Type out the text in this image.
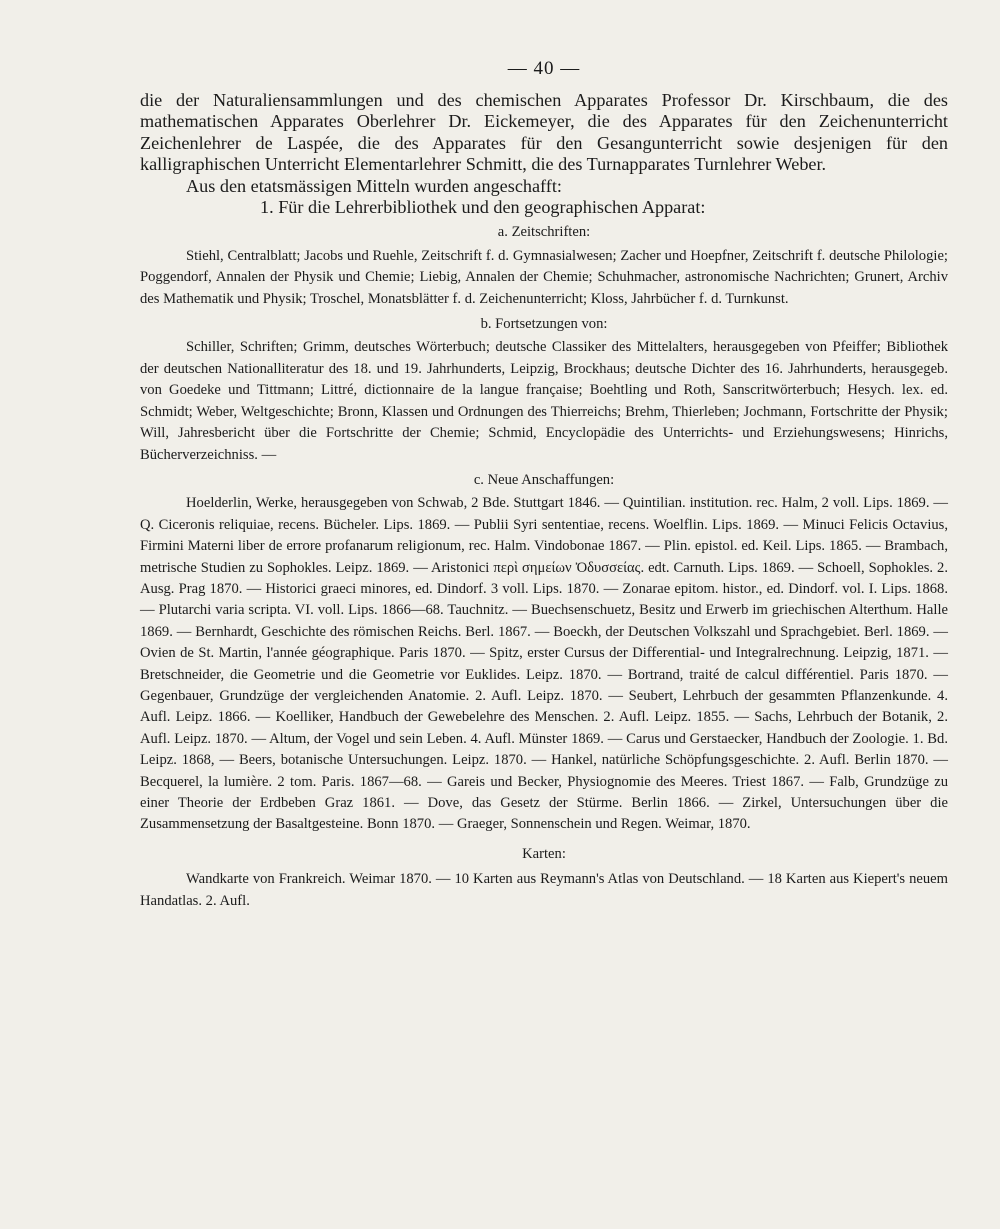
— 40 —

die der Naturaliensammlungen und des chemischen Apparates Professor Dr. Kirschbaum, die des mathematischen Apparates Oberlehrer Dr. Eickemeyer, die des Apparates für den Zeichenunterricht Zeichenlehrer de Laspée, die des Apparates für den Gesangunterricht sowie desjenigen für den kalligraphischen Unterricht Elementarlehrer Schmitt, die des Turnapparates Turnlehrer Weber.

Aus den etatsmässigen Mitteln wurden angeschafft:

1. Für die Lehrerbibliothek und den geographischen Apparat:

a. Zeitschriften:

Stiehl, Centralblatt; Jacobs und Ruehle, Zeitschrift f. d. Gymnasialwesen; Zacher und Hoepfner, Zeitschrift f. deutsche Philologie; Poggendorf, Annalen der Physik und Chemie; Liebig, Annalen der Chemie; Schuhmacher, astronomische Nachrichten; Grunert, Archiv des Mathematik und Physik; Troschel, Monatsblätter f. d. Zeichenunterricht; Kloss, Jahrbücher f. d. Turnkunst.

b. Fortsetzungen von:

Schiller, Schriften; Grimm, deutsches Wörterbuch; deutsche Classiker des Mittelalters, herausgegeben von Pfeiffer; Bibliothek der deutschen Nationalliteratur des 18. und 19. Jahrhunderts, Leipzig, Brockhaus; deutsche Dichter des 16. Jahrhunderts, herausgegeb. von Goedeke und Tittmann; Littré, dictionnaire de la langue française; Boehtling und Roth, Sanscritwörterbuch; Hesych. lex. ed. Schmidt; Weber, Weltgeschichte; Bronn, Klassen und Ordnungen des Thierreichs; Brehm, Thierleben; Jochmann, Fortschritte der Physik; Will, Jahresbericht über die Fortschritte der Chemie; Schmid, Encyclopädie des Unterrichts- und Erziehungswesens; Hinrichs, Bücherverzeichniss. —

c. Neue Anschaffungen:

Hoelderlin, Werke, herausgegeben von Schwab, 2 Bde. Stuttgart 1846. — Quintilian. institution. rec. Halm, 2 voll. Lips. 1869. — Q. Ciceronis reliquiae, recens. Bücheler. Lips. 1869. — Publii Syri sententiae, recens. Woelflin. Lips. 1869. — Minuci Felicis Octavius, Firmini Materni liber de errore profanarum religionum, rec. Halm. Vindobonae 1867. — Plin. epistol. ed. Keil. Lips. 1865. — Brambach, metrische Studien zu Sophokles. Leipz. 1869. — Aristonici περὶ σημείων Ὀδυσσείας. edt. Carnuth. Lips. 1869. — Schoell, Sophokles. 2. Ausg. Prag 1870. — Historici graeci minores, ed. Dindorf. 3 voll. Lips. 1870. — Zonarae epitom. histor., ed. Dindorf. vol. I. Lips. 1868. — Plutarchi varia scripta. VI. voll. Lips. 1866—68. Tauchnitz. — Buechsenschuetz, Besitz und Erwerb im griechischen Alterthum. Halle 1869. — Bernhardt, Geschichte des römischen Reichs. Berl. 1867. — Boeckh, der Deutschen Volkszahl und Sprachgebiet. Berl. 1869. — Ovien de St. Martin, l'année géographique. Paris 1870. — Spitz, erster Cursus der Differential- und Integralrechnung. Leipzig, 1871. — Bretschneider, die Geometrie und die Geometrie vor Euklides. Leipz. 1870. — Bortrand, traité de calcul différentiel. Paris 1870. — Gegenbauer, Grundzüge der vergleichenden Anatomie. 2. Aufl. Leipz. 1870. — Seubert, Lehrbuch der gesammten Pflanzenkunde. 4. Aufl. Leipz. 1866. — Koelliker, Handbuch der Gewebelehre des Menschen. 2. Aufl. Leipz. 1855. — Sachs, Lehrbuch der Botanik, 2. Aufl. Leipz. 1870. — Altum, der Vogel und sein Leben. 4. Aufl. Münster 1869. — Carus und Gerstaecker, Handbuch der Zoologie. 1. Bd. Leipz. 1868, — Beers, botanische Untersuchungen. Leipz. 1870. — Hankel, natürliche Schöpfungsgeschichte. 2. Aufl. Berlin 1870. — Becquerel, la lumière. 2 tom. Paris. 1867—68. — Gareis und Becker, Physiognomie des Meeres. Triest 1867. — Falb, Grundzüge zu einer Theorie der Erdbeben Graz 1861. — Dove, das Gesetz der Stürme. Berlin 1866. — Zirkel, Untersuchungen über die Zusammensetzung der Basaltgesteine. Bonn 1870. — Graeger, Sonnenschein und Regen. Weimar, 1870.

Karten:

Wandkarte von Frankreich. Weimar 1870. — 10 Karten aus Reymann's Atlas von Deutschland. — 18 Karten aus Kiepert's neuem Handatlas. 2. Aufl.
